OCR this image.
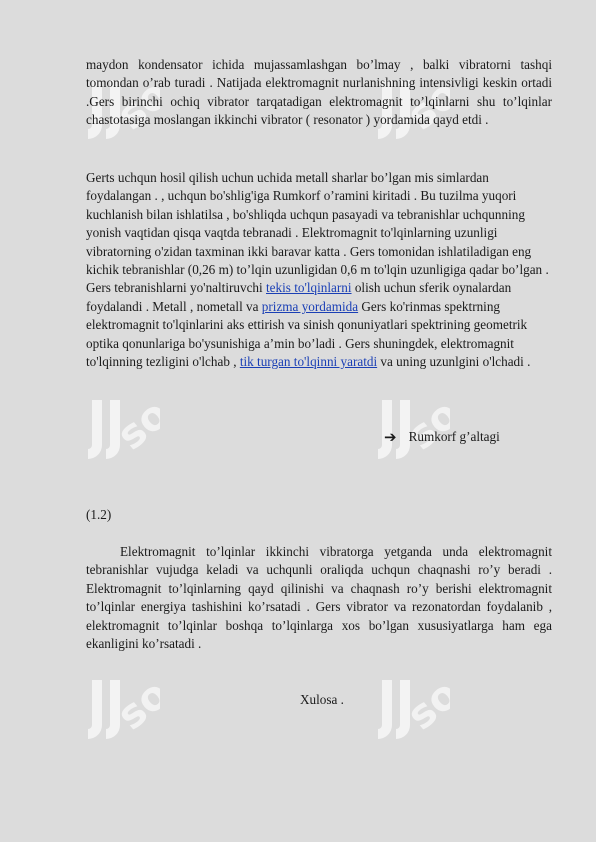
so	so
so	so
so	so

maydon kondensator ichida mujassamlashgan bo’lmay , balki vibratorni tashqi tomondan o’rab turadi . Natijada elektromagnit nurlanishning intensivligi keskin ortadi .Gers birinchi ochiq vibrator tarqatadigan elektromagnit to’lqinlarni shu to’lqinlar chastotasiga moslangan ikkinchi vibrator ( resonator ) yordamida qayd etdi .

Gerts uchqun hosil qilish uchun uchida metall sharlar bo’lgan mis simlardan foydalangan . , uchqun bo'shlig'iga Rumkorf o’ramini kiritadi . Bu tuzilma yuqori kuchlanish bilan ishlatilsa , bo'shliqda uchqun pasayadi va tebranishlar uchqunning yonish vaqtidan qisqa vaqtda tebranadi . Elektromagnit to'lqinlarning uzunligi vibratorning o'zidan taxminan ikki baravar katta . Gers tomonidan ishlatiladigan eng kichik tebranishlar (0,26 m) to’lqin uzunligidan 0,6 m to'lqin uzunligiga qadar bo’lgan . Gers tebranishlarni yo'naltiruvchi tekis to'lqinlarni olish uchun sferik oynalardan foydalandi . Metall , nometall va prizma yordamida Gers ko'rinmas spektrning elektromagnit to'lqinlarini aks ettirish va sinish qonuniyatlari spektrining geometrik optika qonunlariga bo'ysunishiga a’min bo’ladi . Gers shuningdek, elektromagnit to'lqinning tezligini o'lchab , tik turgan to'lqinni yaratdi va uning uzunlgini o'lchadi .

➔ Rumkorf g’altagi
(1.2)

Elektromagnit to’lqinlar ikkinchi vibratorga yetganda unda elektromagnit tebranishlar vujudga keladi va uchqunli oraliqda uchqun chaqnashi ro’y beradi . Elektromagnit to’lqinlarning qayd qilinishi va chaqnash ro’y berishi elektromagnit to’lqinlar energiya tashishini ko’rsatadi . Gers vibrator va rezonatordan foydalanib , elektromagnit to’lqinlar boshqa to’lqinlarga xos bo’lgan xususiyatlarga ham ega ekanligini ko’rsatadi .

Xulosa .
